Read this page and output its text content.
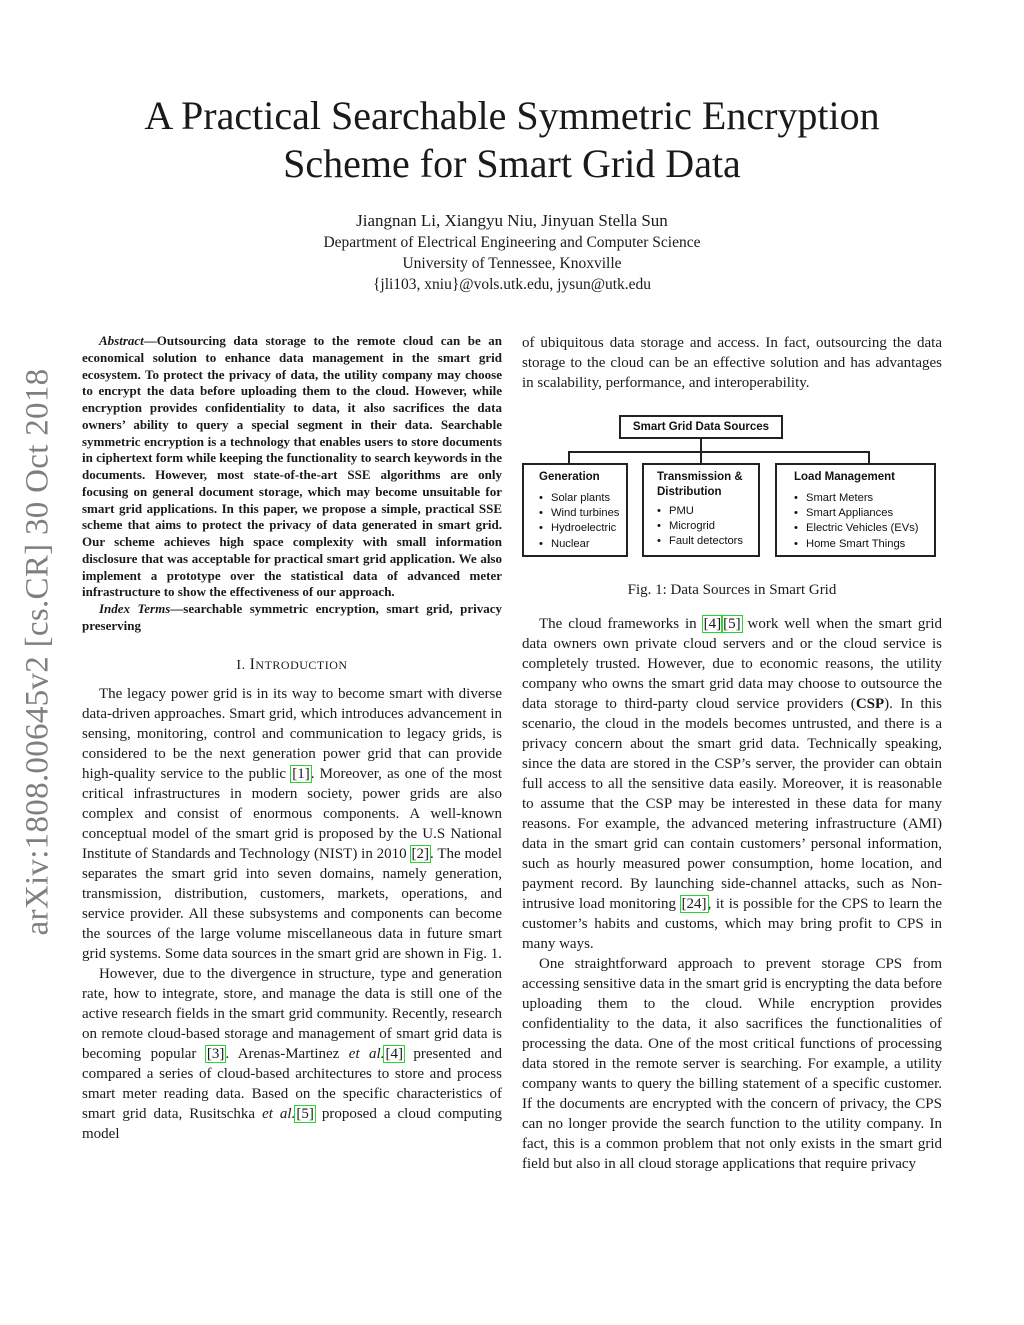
arXiv:1808.00645v2 [cs.CR] 30 Oct 2018
A Practical Searchable Symmetric Encryption
Scheme for Smart Grid Data
Jiangnan Li, Xiangyu Niu, Jinyuan Stella Sun
Department of Electrical Engineering and Computer Science
University of Tennessee, Knoxville
{jli103, xniu}@vols.utk.edu, jysun@utk.edu

Abstract—Outsourcing data storage to the remote cloud can be an economical solution to enhance data management in the smart grid ecosystem. To protect the privacy of data, the utility company may choose to encrypt the data before uploading them to the cloud. However, while encryption provides confidentiality to data, it also sacrifices the data owners’ ability to query a special segment in their data. Searchable symmetric encryption is a technology that enables users to store documents in ciphertext form while keeping the functionality to search keywords in the documents. However, most state-of-the-art SSE algorithms are only focusing on general document storage, which may become unsuitable for smart grid applications. In this paper, we propose a simple, practical SSE scheme that aims to protect the privacy of data generated in smart grid. Our scheme achieves high space complexity with small information disclosure that was acceptable for practical smart grid application. We also implement a prototype over the statistical data of advanced meter infrastructure to show the effectiveness of our approach.

Index Terms—searchable symmetric encryption, smart grid, privacy preserving

I. INTRODUCTION

The legacy power grid is in its way to become smart with diverse data-driven approaches. Smart grid, which introduces advancement in sensing, monitoring, control and communication to legacy grids, is considered to be the next generation power grid that can provide high-quality service to the public [1]. Moreover, as one of the most critical infrastructures in modern society, power grids are also complex and consist of enormous components. A well-known conceptual model of the smart grid is proposed by the U.S National Institute of Standards and Technology (NIST) in 2010 [2]. The model separates the smart grid into seven domains, namely generation, transmission, distribution, customers, markets, operations, and service provider. All these subsystems and components can become the sources of the large volume miscellaneous data in future smart grid systems. Some data sources in the smart grid are shown in Fig. 1.

However, due to the divergence in structure, type and generation rate, how to integrate, store, and manage the data is still one of the active research fields in the smart grid community. Recently, research on remote cloud-based storage and management of smart grid data is becoming popular [3]. Arenas-Martinez et al.[4] presented and compared a series of cloud-based architectures to store and process smart meter reading data. Based on the specific characteristics of smart grid data, Rusitschka et al.[5] proposed a cloud computing model

of ubiquitous data storage and access. In fact, outsourcing the data storage to the cloud can be an effective solution and has advantages in scalability, performance, and interoperability.

Smart Grid Data Sources
Generation
• Solar plants
• Wind turbines
• Hydroelectric
• Nuclear
Transmission & Distribution
• PMU
• Microgrid
• Fault detectors
Load Management
• Smart Meters
• Smart Appliances
• Electric Vehicles (EVs)
• Home Smart Things
Fig. 1: Data Sources in Smart Grid

The cloud frameworks in [4] [5] work well when the smart grid data owners own private cloud servers and or the cloud service is completely trusted. However, due to economic reasons, the utility company who owns the smart grid data may choose to outsource the data storage to third-party cloud service providers (CSP). In this scenario, the cloud in the models becomes untrusted, and there is a privacy concern about the smart grid data. Technically speaking, since the data are stored in the CSP’s server, the provider can obtain full access to all the sensitive data easily. Moreover, it is reasonable to assume that the CSP may be interested in these data for many reasons. For example, the advanced metering infrastructure (AMI) data in the smart grid can contain customers’ personal information, such as hourly measured power consumption, home location, and payment record. By launching side-channel attacks, such as Non-intrusive load monitoring [24], it is possible for the CPS to learn the customer’s habits and customs, which may bring profit to CPS in many ways.

One straightforward approach to prevent storage CPS from accessing sensitive data in the smart grid is encrypting the data before uploading them to the cloud. While encryption provides confidentiality to the data, it also sacrifices the functionalities of processing the data. One of the most critical functions of processing data stored in the remote server is searching. For example, a utility company wants to query the billing statement of a specific customer. If the documents are encrypted with the concern of privacy, the CPS can no longer provide the search function to the utility company. In fact, this is a common problem that not only exists in the smart grid field but also in all cloud storage applications that require privacy
